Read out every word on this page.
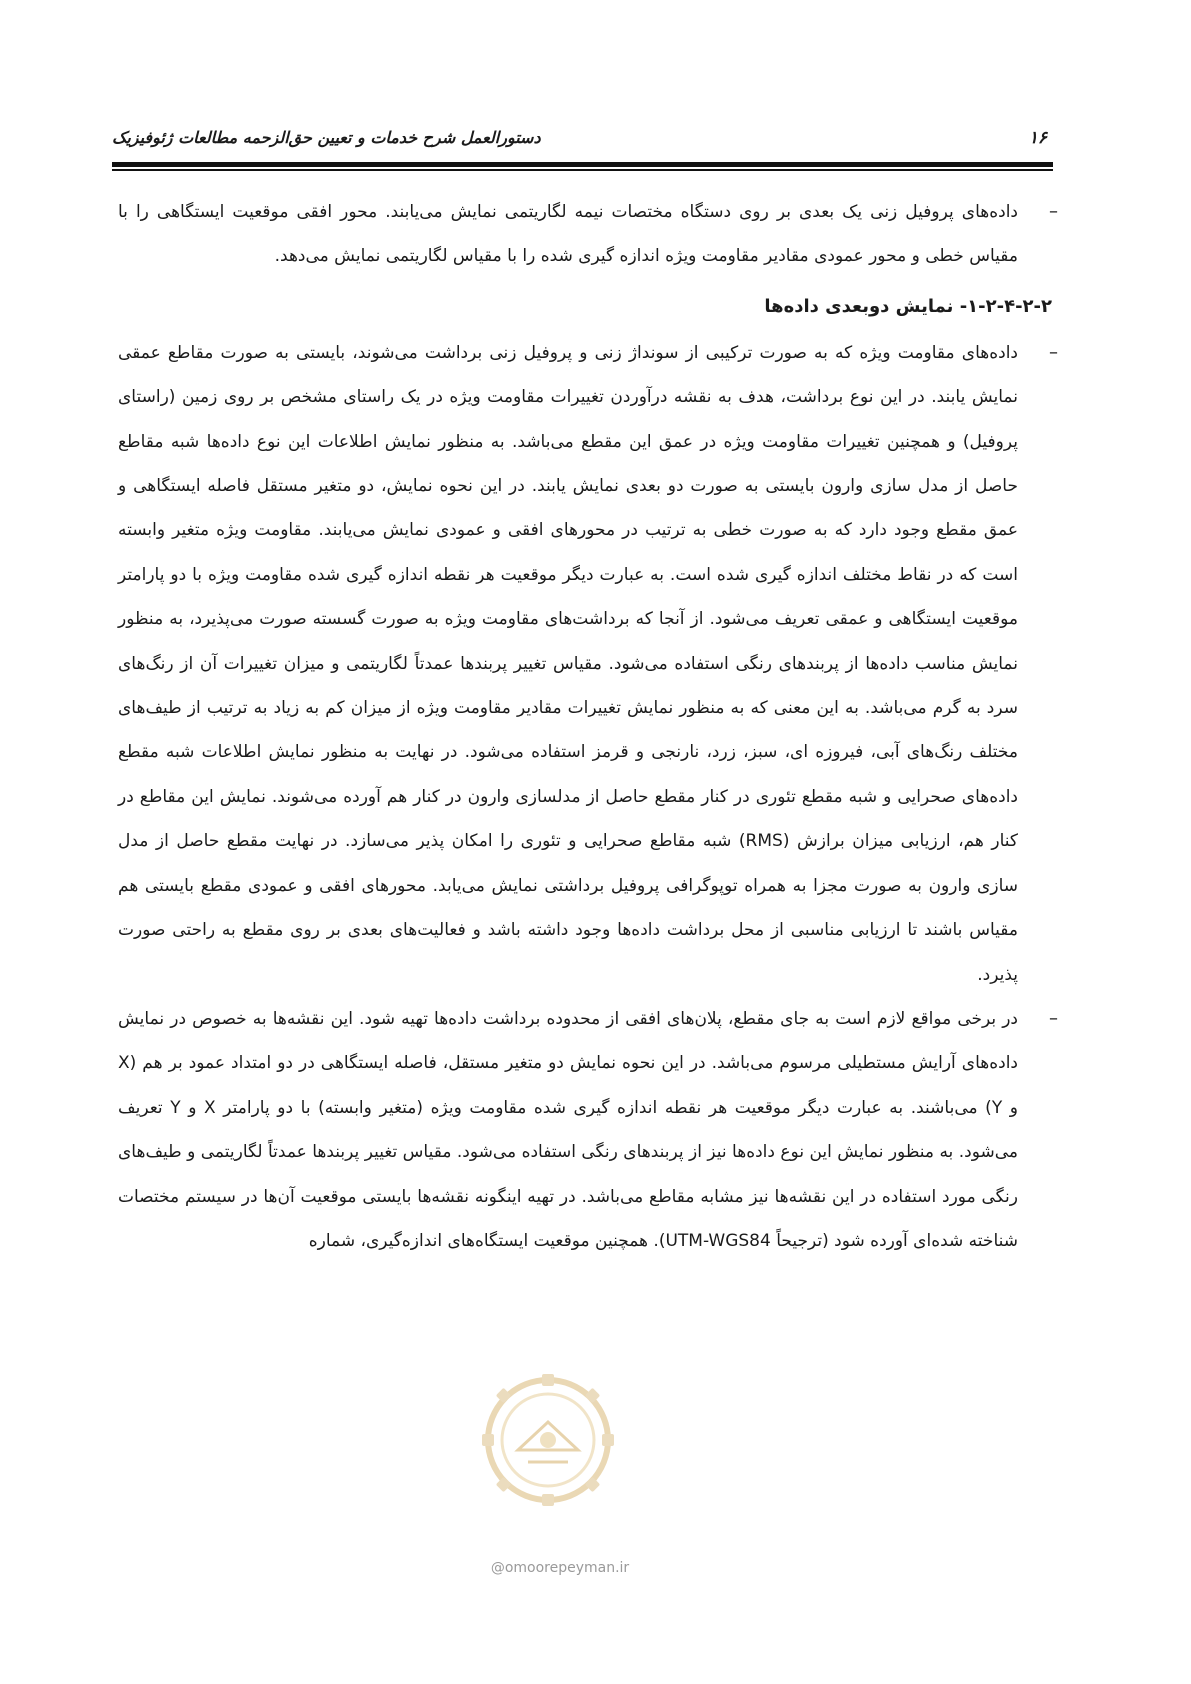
دستورالعمل شرح خدمات و تعیین حق‌الزحمه مطالعات ژئوفیزیک	۱۶
–

داده‌های پروفیل زنی یک بعدی بر روی دستگاه مختصات نیمه لگاریتمی نمایش می‌یابند. محور افقی موقعیت ایستگاهی را با مقیاس خطی و محور عمودی مقادیر مقاومت ویژه اندازه گیری شده را با مقیاس لگاریتمی نمایش می‌دهد.

۱-۲-۴-۲-۲- نمایش دوبعدی داده‌ها
–

داده‌های مقاومت ویژه که به صورت ترکیبی از سونداژ زنی و پروفیل زنی برداشت می‌شوند، بایستی به صورت مقاطع عمقی نمایش یابند. در این نوع برداشت، هدف به نقشه درآوردن تغییرات مقاومت ویژه در یک راستای مشخص بر روی زمین (راستای پروفیل) و همچنین تغییرات مقاومت ویژه در عمق این مقطع می‌باشد. به منظور نمایش اطلاعات این نوع داده‌ها شبه مقاطع حاصل از مدل سازی وارون بایستی به صورت دو بعدی نمایش یابند. در این نحوه نمایش، دو متغیر مستقل فاصله ایستگاهی و عمق مقطع وجود دارد که به صورت خطی به ترتیب در محورهای افقی و عمودی نمایش می‌یابند. مقاومت ویژه متغیر وابسته است که در نقاط مختلف اندازه گیری شده است. به عبارت دیگر موقعیت هر نقطه اندازه گیری شده مقاومت ویژه با دو پارامتر موقعیت ایستگاهی و عمقی تعریف می‌شود. از آنجا که برداشت‌های مقاومت ویژه به صورت گسسته صورت می‌پذیرد، به منظور نمایش مناسب داده‌ها از پربندهای رنگی استفاده می‌شود. مقیاس تغییر پربندها عمدتاً لگاریتمی و میزان تغییرات آن از رنگ‌های سرد به گرم می‌باشد. به این معنی که به منظور نمایش تغییرات مقادیر مقاومت ویژه از میزان کم به زیاد به ترتیب از طیف‌های مختلف رنگ‌های آبی، فیروزه ای، سبز، زرد، نارنجی و قرمز استفاده می‌شود. در نهایت به منظور نمایش اطلاعات شبه مقطع داده‌های صحرایی و شبه مقطع تئوری در کنار مقطع حاصل از مدلسازی وارون در کنار هم آورده می‌شوند. نمایش این مقاطع در کنار هم، ارزیابی میزان برازش (RMS) شبه مقاطع صحرایی و تئوری را امکان پذیر می‌سازد. در نهایت مقطع حاصل از مدل سازی وارون به صورت مجزا به همراه توپوگرافی پروفیل برداشتی نمایش می‌یابد. محورهای افقی و عمودی مقطع بایستی هم مقیاس باشند تا ارزیابی مناسبی از محل برداشت داده‌ها وجود داشته باشد و فعالیت‌های بعدی بر روی مقطع به راحتی صورت پذیرد.

–

در برخی مواقع لازم است به جای مقطع، پلان‌های افقی از محدوده برداشت داده‌ها تهیه شود. این نقشه‌ها به خصوص در نمایش داده‌های آرایش مستطیلی مرسوم می‌باشد. در این نحوه نمایش دو متغیر مستقل، فاصله ایستگاهی در دو امتداد عمود بر هم (X و Y) می‌باشند. به عبارت دیگر موقعیت هر نقطه اندازه گیری شده مقاومت ویژه (متغیر وابسته) با دو پارامتر X و Y تعریف می‌شود. به منظور نمایش این نوع داده‌ها نیز از پربندهای رنگی استفاده می‌شود. مقیاس تغییر پربندها عمدتاً لگاریتمی و طیف‌های رنگی مورد استفاده در این نقشه‌ها نیز مشابه مقاطع می‌باشد. در تهیه اینگونه نقشه‌ها بایستی موقعیت آن‌ها در سیستم مختصات شناخته شده‌ای آورده شود (ترجیحاً UTM-WGS84). همچنین موقعیت ایستگاه‌های اندازه‌گیری، شماره

@omoorepeyman.ir
